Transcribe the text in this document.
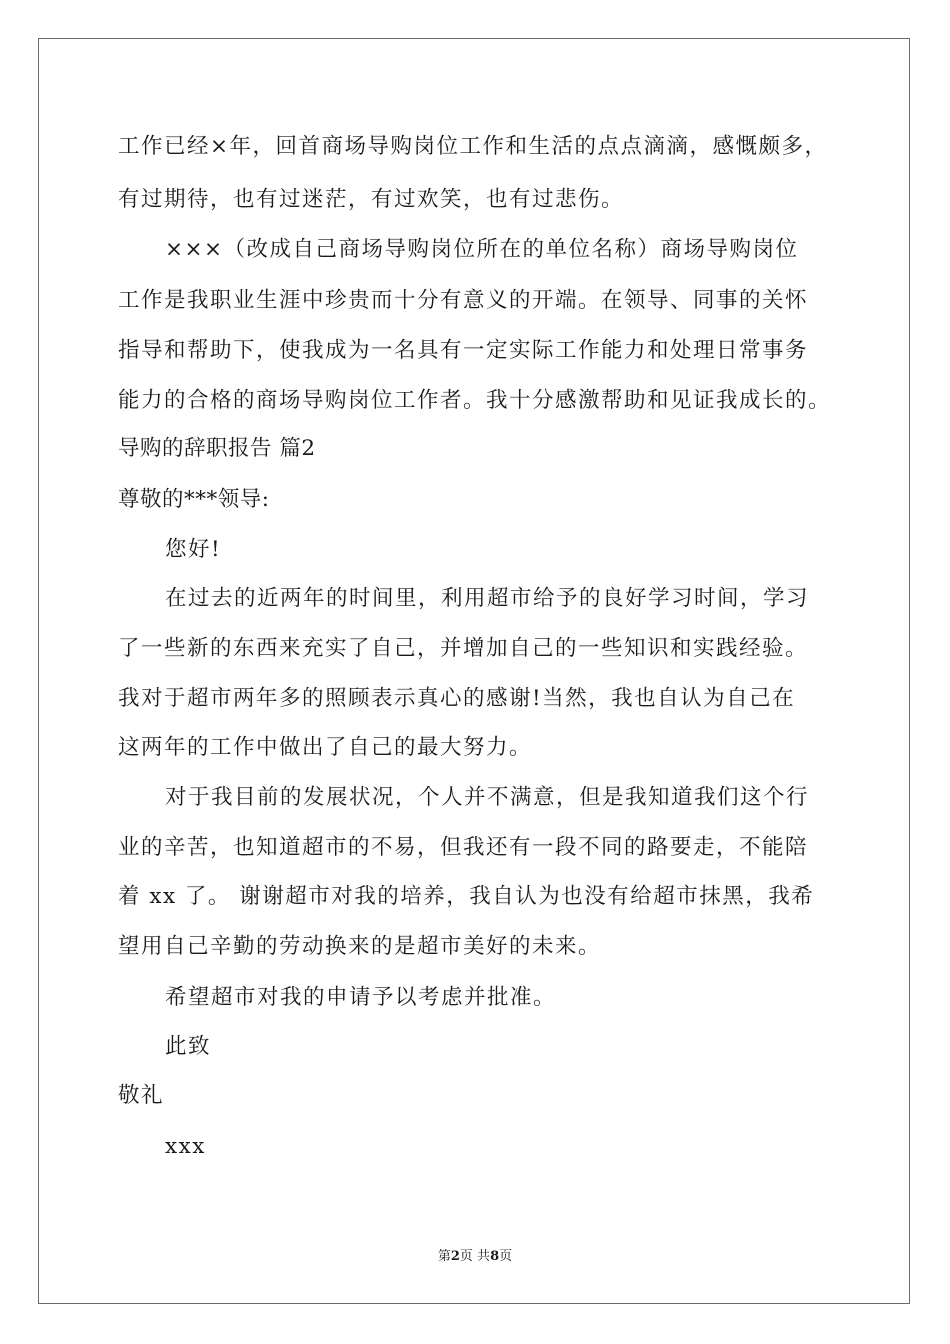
工作已经×年，回首商场导购岗位工作和生活的点点滴滴，感慨颇多，
有过期待，也有过迷茫，有过欢笑，也有过悲伤。
×××（改成自己商场导购岗位所在的单位名称）商场导购岗位
工作是我职业生涯中珍贵而十分有意义的开端。在领导、同事的关怀
指导和帮助下，使我成为一名具有一定实际工作能力和处理日常事务
能力的合格的商场导购岗位工作者。我十分感激帮助和见证我成长的。
导购的辞职报告 篇2
尊敬的***领导:
您好!
在过去的近两年的时间里，利用超市给予的良好学习时间，学习
了一些新的东西来充实了自己，并增加自己的一些知识和实践经验。
我对于超市两年多的照顾表示真心的感谢!当然，我也自认为自己在
这两年的工作中做出了自己的最大努力。
对于我目前的发展状况，个人并不满意，但是我知道我们这个行
业的辛苦，也知道超市的不易，但我还有一段不同的路要走，不能陪
着 xx 了。 谢谢超市对我的培养，我自认为也没有给超市抹黑，我希
望用自己辛勤的劳动换来的是超市美好的未来。
希望超市对我的申请予以考虑并批准。
此致
敬礼
xxx
第2页 共8页
